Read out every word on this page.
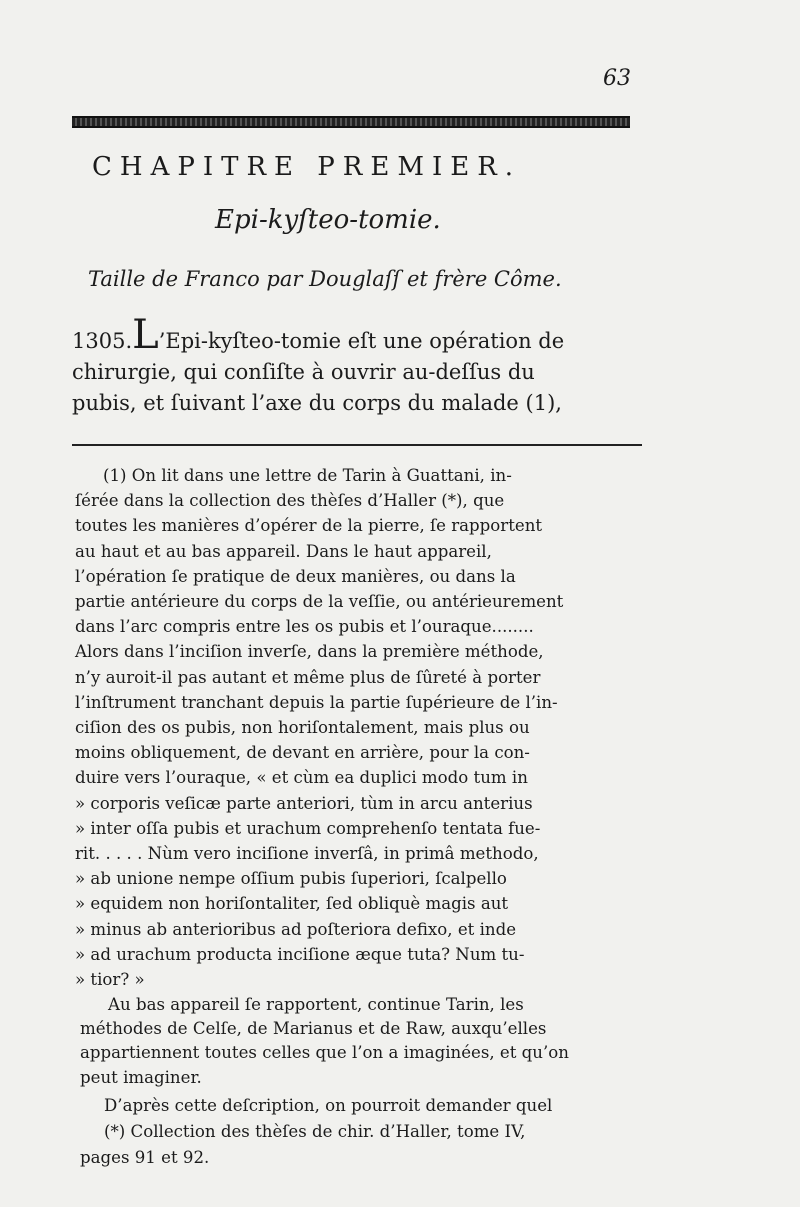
63
CHAPITRE PREMIER.
Epi-kyſteo-tomie.
Taille de Franco par Douglaſſ et frère Côme.
1305.L’Epi-kyſteo-tomie eſt une opération de
chirurgie, qui conſiſte à ouvrir au-deſſus du
pubis, et ſuivant l’axe du corps du malade (1),
(1) On lit dans une lettre de Tarin à Guattani, in-
ſérée dans la collection des thèſes d’Haller (*), que
toutes les manières d’opérer de la pierre, ſe rapportent
au haut et au bas appareil. Dans le haut appareil,
l’opération ſe pratique de deux manières, ou dans la
partie antérieure du corps de la veſſie, ou antérieurement
dans l’arc compris entre les os pubis et l’ouraque........
Alors dans l’inciſion inverſe, dans la première méthode,
n’y auroit-il pas autant et même plus de ſûreté à porter
l’inſtrument tranchant depuis la partie ſupérieure de l’in-
ciſion des os pubis, non horiſontalement, mais plus ou
moins obliquement, de devant en arrière, pour la con-
duire vers l’ouraque, « et cùm ea duplici modo tum in
» corporis veſicæ parte anteriori, tùm in arcu anterius
» inter oſſa pubis et urachum comprehenſo tentata fue-
rit. . . . . Nùm vero inciſione inverſâ, in primâ methodo,
» ab unione nempe oſſium pubis ſuperiori, ſcalpello
» equidem non horiſontaliter, ſed obliquè magis aut
» minus ab anterioribus ad poſteriora defixo, et inde
» ad urachum producta inciſione æque tuta? Num tu-
» tior? »
Au bas appareil ſe rapportent, continue Tarin, les
méthodes de Celſe, de Marianus et de Raw, auxqu’elles
appartiennent toutes celles que l’on a imaginées, et qu’on
peut imaginer.
D’après cette deſcription, on pourroit demander quel
(*) Collection des thèſes de chir. d’Haller, tome IV,
pages 91 et 92.
